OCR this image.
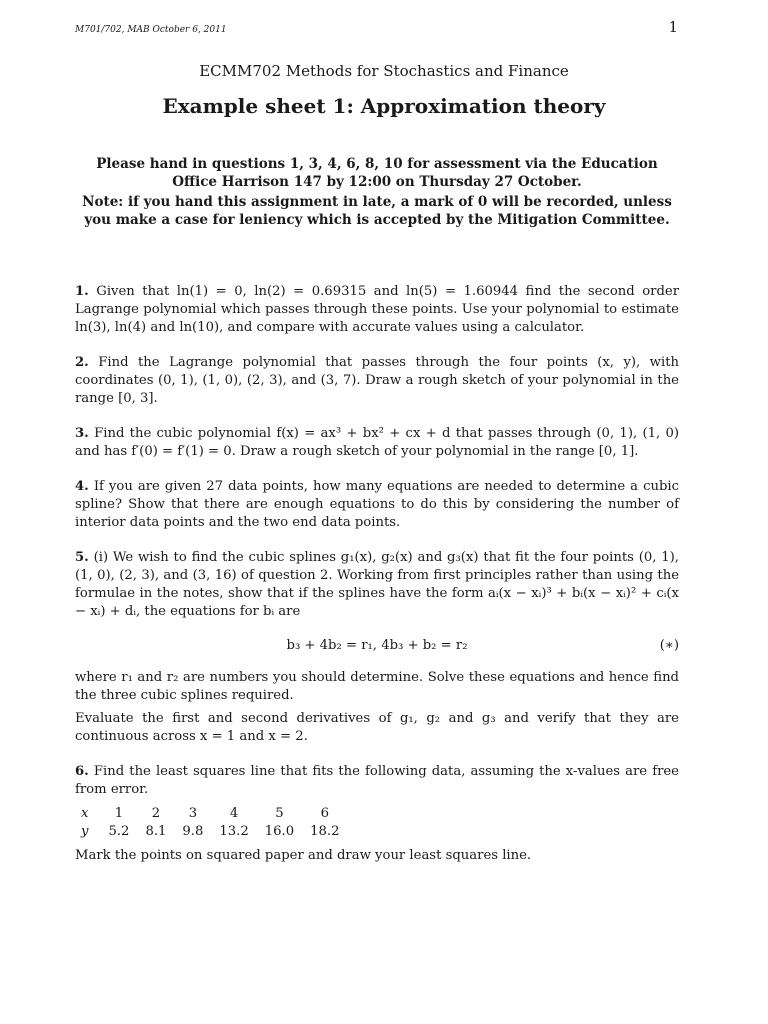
M701/702, MAB October 6, 2011	1
ECMM702 Methods for Stochastics and Finance
Example sheet 1: Approximation theory

Please hand in questions 1, 3, 4, 6, 8, 10 for assessment via the Education Office Harrison 147 by 12:00 on Thursday 27 October.

Note: if you hand this assignment in late, a mark of 0 will be recorded, unless you make a case for leniency which is accepted by the Mitigation Committee.

1. Given that ln(1) = 0, ln(2) = 0.69315 and ln(5) = 1.60944 find the second order Lagrange polynomial which passes through these points. Use your polynomial to estimate ln(3), ln(4) and ln(10), and compare with accurate values using a calculator.

2. Find the Lagrange polynomial that passes through the four points (x, y), with coordinates (0, 1), (1, 0), (2, 3), and (3, 7). Draw a rough sketch of your polynomial in the range [0, 3].

3. Find the cubic polynomial f(x) = ax³ + bx² + cx + d that passes through (0, 1), (1, 0) and has f′(0) = f′(1) = 0. Draw a rough sketch of your polynomial in the range [0, 1].

4. If you are given 27 data points, how many equations are needed to determine a cubic spline? Show that there are enough equations to do this by considering the number of interior data points and the two end data points.

5. (i) We wish to find the cubic splines g₁(x), g₂(x) and g₃(x) that fit the four points (0, 1), (1, 0), (2, 3), and (3, 16) of question 2. Working from first principles rather than using the formulae in the notes, show that if the splines have the form aᵢ(x − xᵢ)³ + bᵢ(x − xᵢ)² + cᵢ(x − xᵢ) + dᵢ, the equations for bᵢ are

b₃ + 4b₂ = r₁, 4b₃ + b₂ = r₂	(∗)

where r₁ and r₂ are numbers you should determine. Solve these equations and hence find the three cubic splines required.

Evaluate the first and second derivatives of g₁, g₂ and g₃ and verify that they are continuous across x = 1 and x = 2.

6. Find the least squares line that fits the following data, assuming the x-values are free from error.

x	1	2	3	4	5	6
y	5.2	8.1	9.8	13.2	16.0	18.2

Mark the points on squared paper and draw your least squares line.
